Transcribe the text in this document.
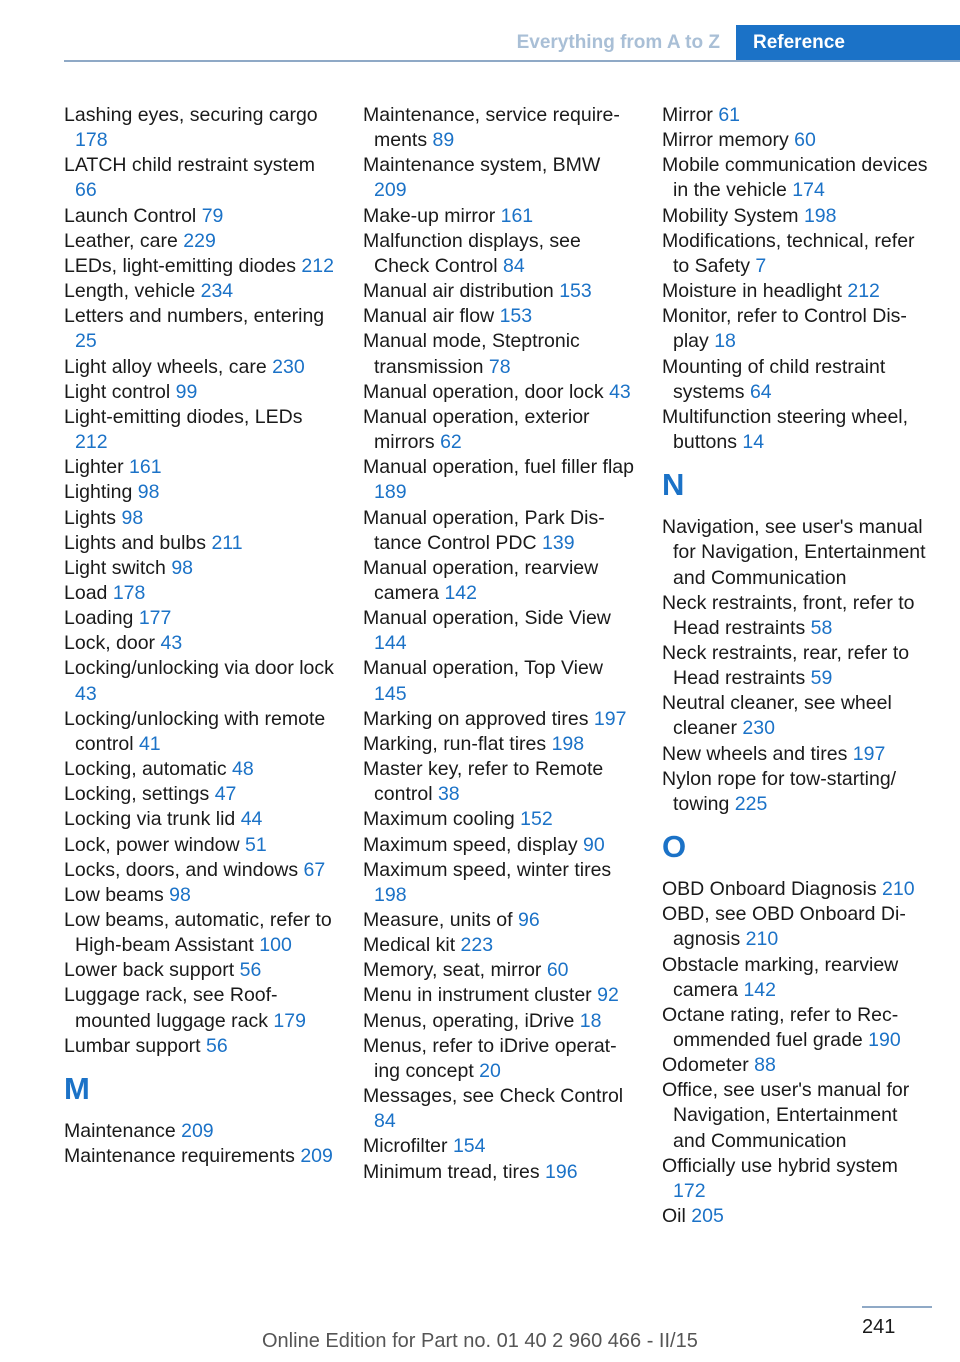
Everything from A to Z	Reference
Lashing eyes, securing cargo 178
LATCH child restraint system 66
Launch Control 79
Leather, care 229
LEDs, light-emitting diodes 212
Length, vehicle 234
Letters and numbers, entering 25
Light alloy wheels, care 230
Light control 99
Light-emitting diodes, LEDs 212
Lighter 161
Lighting 98
Lights 98
Lights and bulbs 211
Light switch 98
Load 178
Loading 177
Lock, door 43
Locking/unlocking via door lock 43
Locking/unlocking with remote control 41
Locking, automatic 48
Locking, settings 47
Locking via trunk lid 44
Lock, power window 51
Locks, doors, and windows 67
Low beams 98
Low beams, automatic, refer to High-beam Assistant 100
Lower back support 56
Luggage rack, see Roof-mounted luggage rack 179
Lumbar support 56
M
Maintenance 209
Maintenance requirements 209
Maintenance, service requirements 89
Maintenance system, BMW 209
Make-up mirror 161
Malfunction displays, see Check Control 84
Manual air distribution 153
Manual air flow 153
Manual mode, Steptronic transmission 78
Manual operation, door lock 43
Manual operation, exterior mirrors 62
Manual operation, fuel filler flap 189
Manual operation, Park Distance Control PDC 139
Manual operation, rearview camera 142
Manual operation, Side View 144
Manual operation, Top View 145
Marking on approved tires 197
Marking, run-flat tires 198
Master key, refer to Remote control 38
Maximum cooling 152
Maximum speed, display 90
Maximum speed, winter tires 198
Measure, units of 96
Medical kit 223
Memory, seat, mirror 60
Menu in instrument cluster 92
Menus, operating, iDrive 18
Menus, refer to iDrive operating concept 20
Messages, see Check Control 84
Microfilter 154
Minimum tread, tires 196
Mirror 61
Mirror memory 60
Mobile communication devices in the vehicle 174
Mobility System 198
Modifications, technical, refer to Safety 7
Moisture in headlight 212
Monitor, refer to Control Display 18
Mounting of child restraint systems 64
Multifunction steering wheel, buttons 14
N
Navigation, see user's manual for Navigation, Entertainment and Communication
Neck restraints, front, refer to Head restraints 58
Neck restraints, rear, refer to Head restraints 59
Neutral cleaner, see wheel cleaner 230
New wheels and tires 197
Nylon rope for tow-starting/ towing 225
O
OBD Onboard Diagnosis 210
OBD, see OBD Onboard Diagnosis 210
Obstacle marking, rearview camera 142
Octane rating, refer to Recommended fuel grade 190
Odometer 88
Office, see user's manual for Navigation, Entertainment and Communication
Officially use hybrid system 172
Oil 205
241
Online Edition for Part no. 01 40 2 960 466 - II/15
